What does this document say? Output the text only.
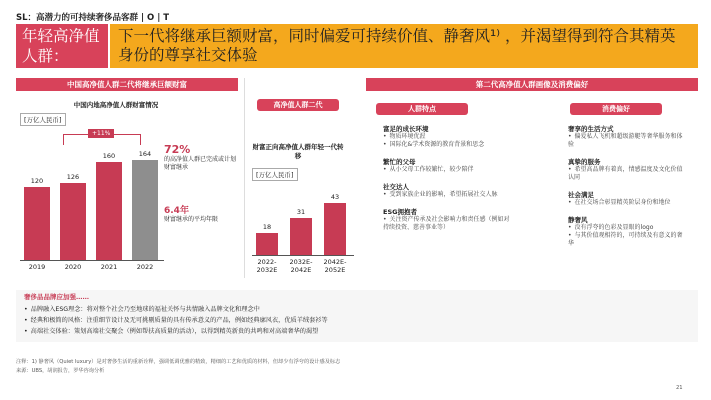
SL：高潜力的可持续奢侈品客群 | O | T
年轻高净值人群：
下一代将继承巨额财富，同时偏爱可持续价值、静奢风¹⁾ ，并渴望得到符合其精英身份的尊享社交体验
中国高净值人群二代将继承巨额财富
中国内地高净值人群财富情况
[万亿人民币]
120
2019
126
2020
160
2021
164
2022
+11%
72%
的高净值人群已完成或计划财富继承
6.4年
财富继承的平均年限
高净值人群二代
财富正向高净值人群年轻一代转移
[万亿人民币]
18
2022-2032E
31
2032E-2042E
43
2042E-2052E
第二代高净值人群画像及消费偏好
人群特点	消费偏好
富足的成长环境
• 物质环境优渥
• 国际化&学术资源的教育背景和思念
繁忙的父母
• 从小父母工作较繁忙，较少陪伴
社交达人
• 受到家族企业的影响，希望拓展社交人脉
ESG拥抱者
• 关注资产传承及社会影响力和责任感（例如对持续投资、慈善事业等）
奢享的生活方式
• 偏爱私人飞机和超级游艇等奢华服务和体验
真挚的服务
• 希望高品牌有着真，情感温度及文化价值认同
社会满足
• 在社交场合彰显精英阶层身份和地位
静奢风
• 没有浮夸的色彩及显眼的logo
• 与其价值观相符的，可持续及有意义的奢华
奢侈品品牌应加强……
• 品牌融入ESG理念：将对整个社会乃至地球的福祉关怀与共情融入品牌文化和理念中
• 经典和极简的风格：注重细节设计及无可挑剔质量的具有传承意义的产品，例如经典廓风衣，优质羊绒套衫等
• 高端社交体验：策划高端社交聚会（例如帮扶高质量的活动），以得到精英新贵的共鸣和对高端奢华的渴望
注释：1) 静奢风（Quiet luxury）是对奢侈生活的重新诠释，强调低调优雅的精致，精细的工艺和优质的材料，但却少有浮夸的设计感及标志
来源：UBS，胡润报告，罗华咨询分析
21
